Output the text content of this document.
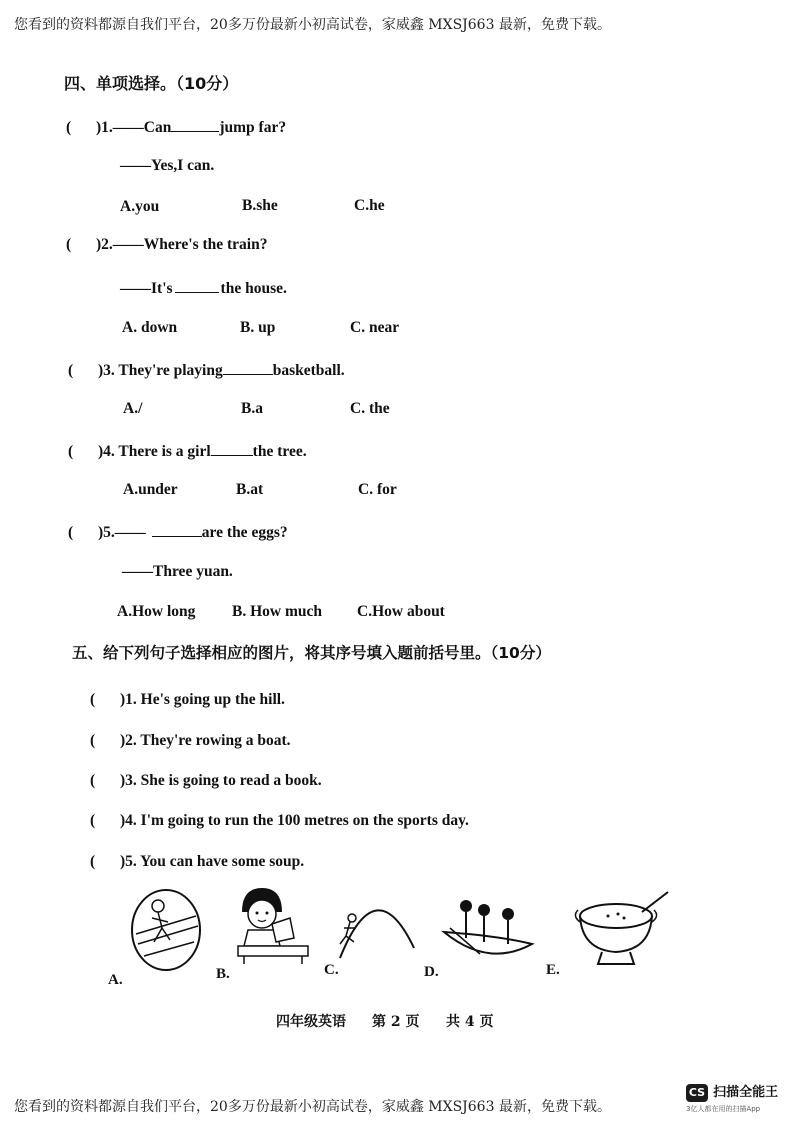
您看到的资料都源自我们平台，20多万份最新小初高试卷，家威鑫 MXSJ663 最新，免费下载。
四、单项选择。（10分）
( )1.——Can	jump far?
——Yes,I can.
A.you	B.she	C.he
( )2.——Where's the train?
——It's	the house.
A. down	B. up	C. near
( )3. They're playing	basketball.
A./	B.a	C. the
( )4. There is a girl	the tree.
A.under	B.at	C. for
( )5.——	are the eggs?
——Three yuan.
A.How long B. How much C.How about
五、给下列句子选择相应的图片，将其序号填入题前括号里。（10分）
( )1. He's going up the hill.
( )2. They're rowing a boat.
( )3. She is going to read a book.
( )4. I'm going to run the 100 metres on the sports day.
( )5. You can have some soup.
A.	B.	C.	D.	E.
四年级英语 第 2 页 共 4 页
您看到的资料都源自我们平台，20多万份最新小初高试卷，家威鑫 MXSJ663 最新，免费下载。
CS 扫描全能王
3亿人都在用的扫描App
